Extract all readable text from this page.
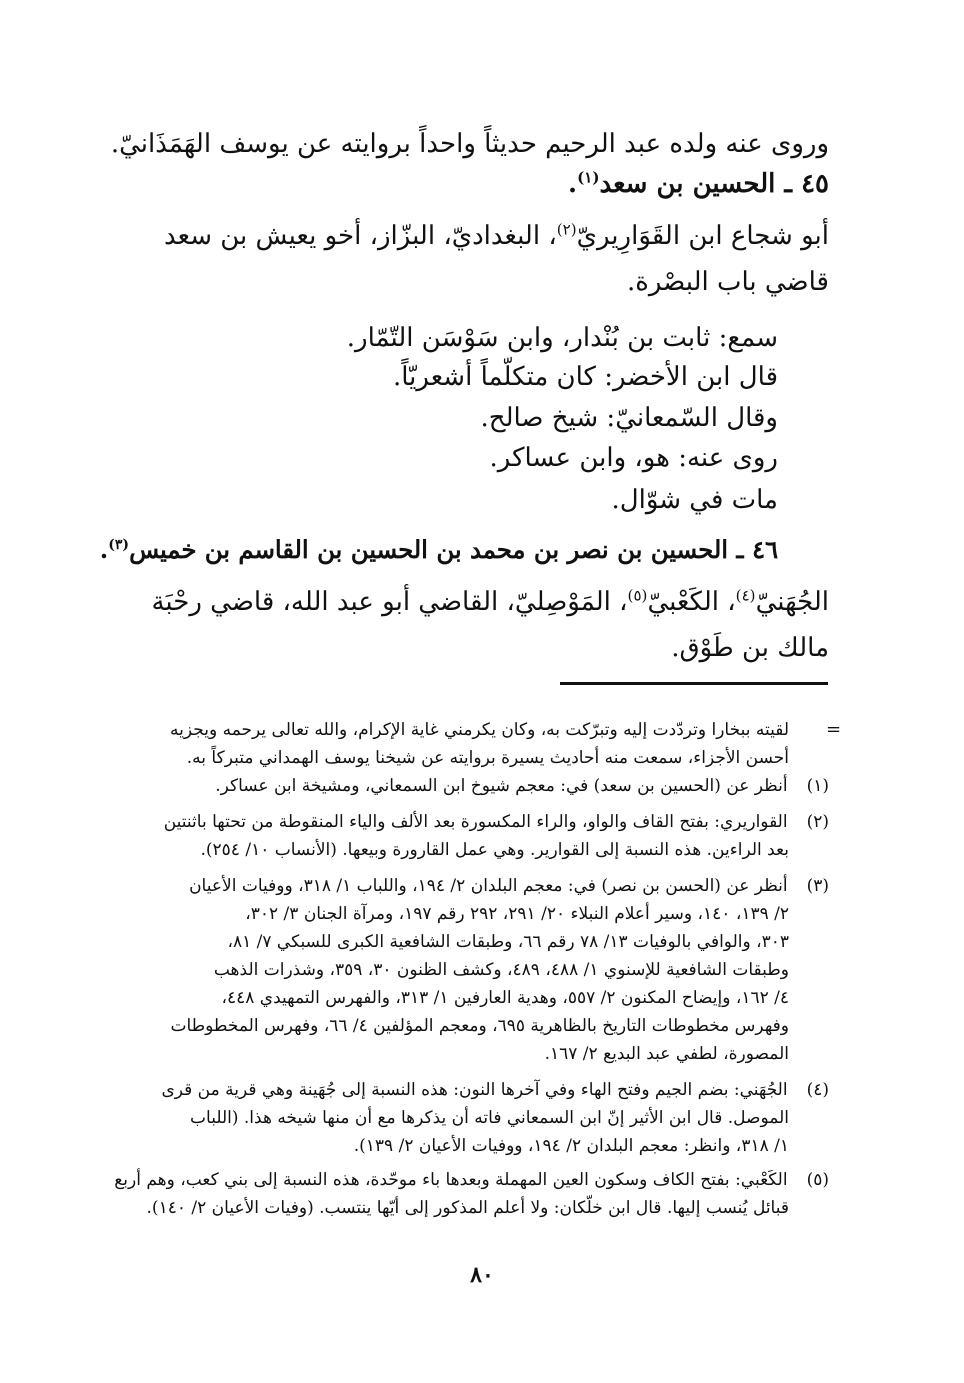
وروى عنه ولده عبد الرحيم حديثاً واحداً بروايته عن يوسف الهَمَذَانيّ.
٤٥ ـ الحسين بن سعد$^{(١)}$.
أبو شجاع ابن القَوَارِيريّ$^{(٢)}$، البغداديّ، البزّاز، أخو يعيش بن سعد
قاضي باب البصْرة.
سمع: ثابت بن بُنْدار، وابن سَوْسَن التّمّار.
قال ابن الأخضر: كان متكلّماً أشعريّاً.
وقال السّمعانيّ: شيخ صالح.
روى عنه: هو، وابن عساكر.
مات في شوّال.
٤٦ ـ الحسين بن نصر بن محمد بن الحسين بن القاسم بن خميس$^{(٣)}$.
الجُهَنيّ$^{(٤)}$، الكَعْبيّ$^{(٥)}$، المَوْصِليّ، القاضي أبو عبد الله، قاضي رحْبَة
مالك بن طَوْق.
=
لقيته ببخارا وتردّدت إليه وتبرّكت به، وكان يكرمني غاية الإكرام، والله تعالى يرحمه ويجزيه
أحسن الأجزاء، سمعت منه أحاديث يسيرة بروايته عن شيخنا يوسف الهمداني متبركاً به.
(١) أنظر عن (الحسين بن سعد) في: معجم شيوخ ابن السمعاني، ومشيخة ابن عساكر.
(٢) القواريري: بفتح القاف والواو، والراء المكسورة بعد الألف والياء المنقوطة من تحتها باثنتين
بعد الراءين. هذه النسبة إلى القوارير. وهي عمل القارورة وبيعها. (الأنساب ١٠/ ٢٥٤).
(٣) أنظر عن (الحسن بن نصر) في: معجم البلدان ٢/ ١٩٤، واللباب ١/ ٣١٨، ووفيات الأعيان
٢/ ١٣٩، ١٤٠، وسير أعلام النبلاء ٢٠/ ٢٩١، ٢٩٢ رقم ١٩٧، ومرآة الجنان ٣/ ٣٠٢،
٣٠٣، والوافي بالوفيات ١٣/ ٧٨ رقم ٦٦، وطبقات الشافعية الكبرى للسبكي ٧/ ٨١،
وطبقات الشافعية للإسنوي ١/ ٤٨٨، ٤٨٩، وكشف الظنون ٣٠، ٣٥٩، وشذرات الذهب
٤/ ١٦٢، وإيضاح المكنون ٢/ ٥٥٧، وهدية العارفين ١/ ٣١٣، والفهرس التمهيدي ٤٤٨،
وفهرس مخطوطات التاريخ بالظاهرية ٦٩٥، ومعجم المؤلفين ٤/ ٦٦، وفهرس المخطوطات
المصورة، لطفي عبد البديع ٢/ ١٦٧.
(٤) الجُهَني: بضم الجيم وفتح الهاء وفي آخرها النون: هذه النسبة إلى جُهَينة وهي قرية من قرى
الموصل. قال ابن الأثير إنّ ابن السمعاني فاته أن يذكرها مع أن منها شيخه هذا. (اللباب
١/ ٣١٨، وانظر: معجم البلدان ٢/ ١٩٤، ووفيات الأعيان ٢/ ١٣٩).
(٥) الكَعْبي: بفتح الكاف وسكون العين المهملة وبعدها باء موحّدة، هذه النسبة إلى بني كعب، وهم أربع
قبائل يُنسب إليها. قال ابن خلّكان: ولا أعلم المذكور إلى أيّها ينتسب. (وفيات الأعيان ٢/ ١٤٠).
٨٠
